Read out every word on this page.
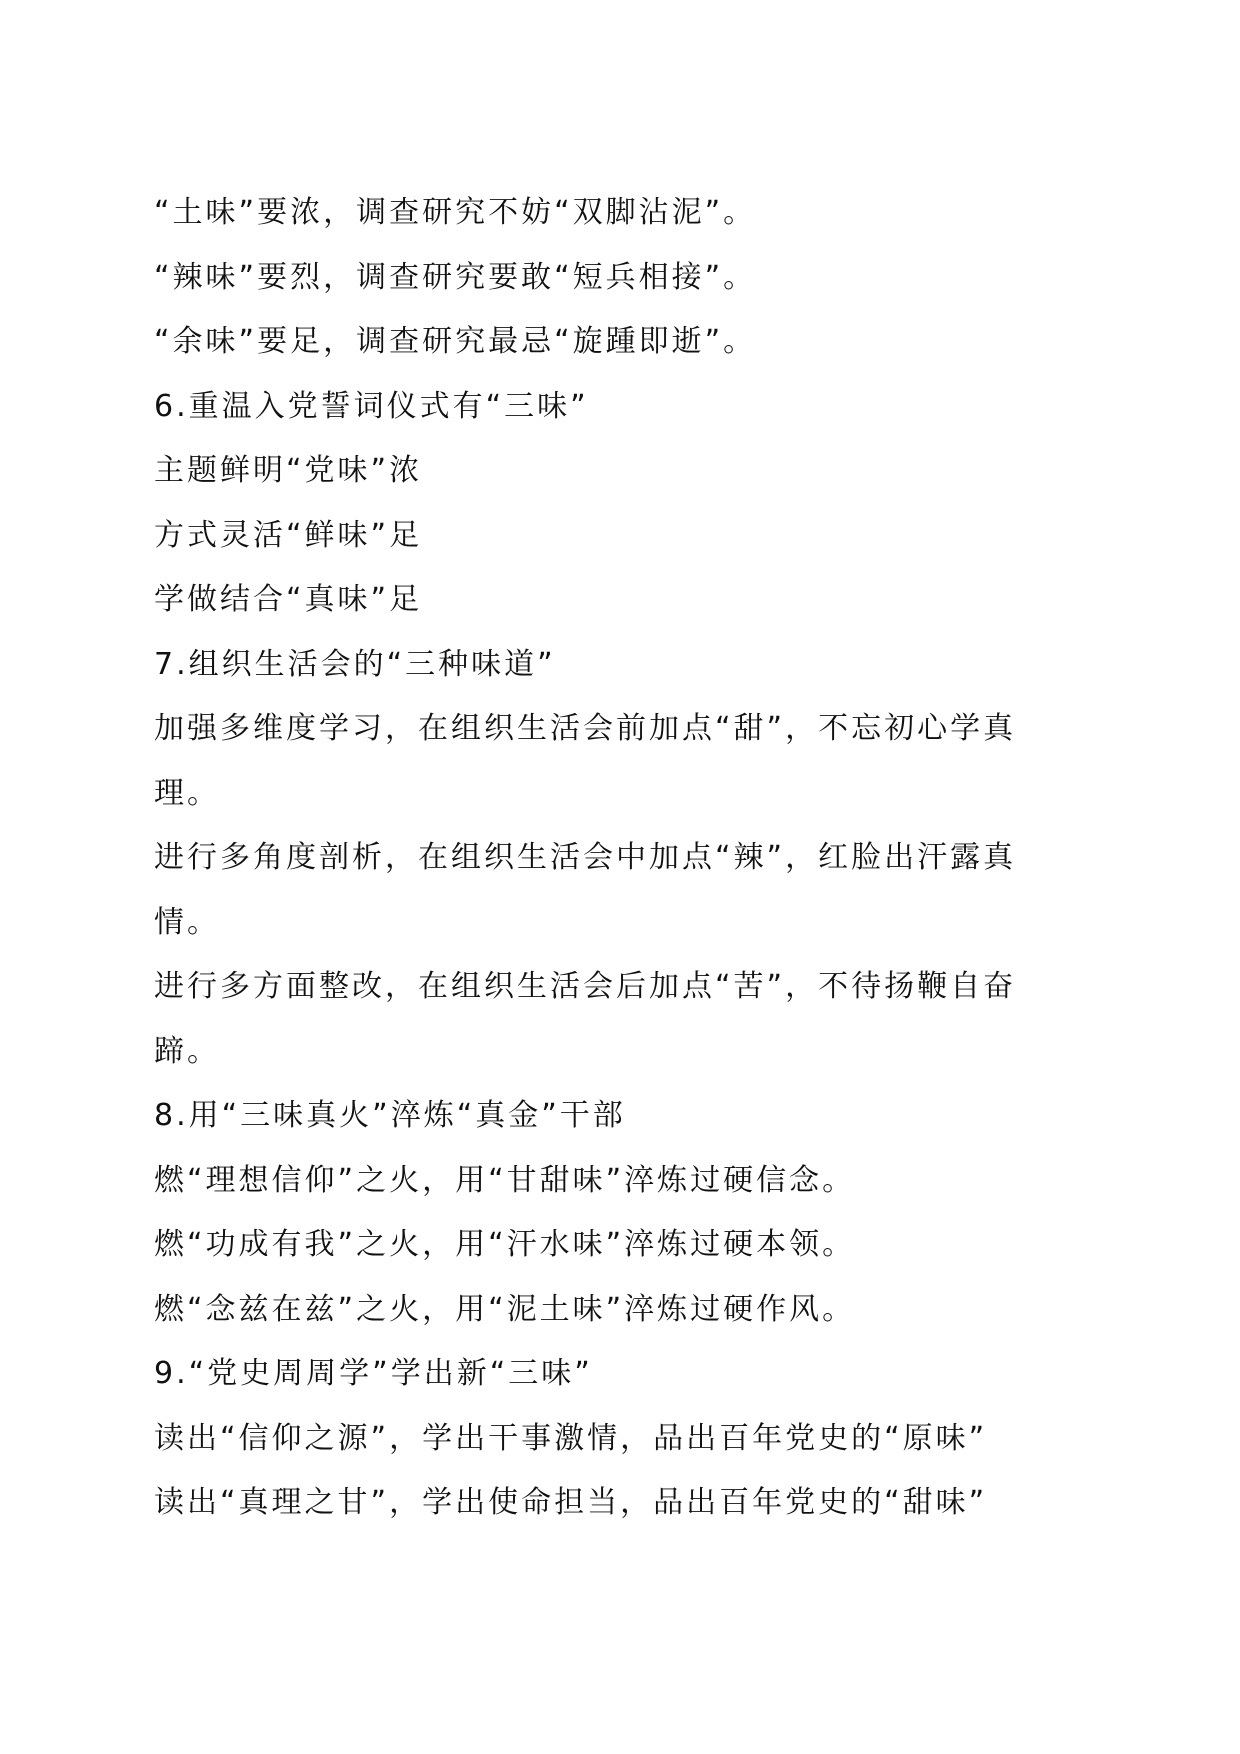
“土味”要浓，调查研究不妨“双脚沾泥”。
“辣味”要烈，调查研究要敢“短兵相接”。
“余味”要足，调查研究最忌“旋踵即逝”。
6.重温入党誓词仪式有“三味”
主题鲜明“党味”浓
方式灵活“鲜味”足
学做结合“真味”足
7.组织生活会的“三种味道”
加强多维度学习，在组织生活会前加点“甜”，不忘初心学真
理。
进行多角度剖析，在组织生活会中加点“辣”，红脸出汗露真
情。
进行多方面整改，在组织生活会后加点“苦”，不待扬鞭自奋
蹄。
8.用“三味真火”淬炼“真金”干部
燃“理想信仰”之火，用“甘甜味”淬炼过硬信念。
燃“功成有我”之火，用“汗水味”淬炼过硬本领。
燃“念兹在兹”之火，用“泥土味”淬炼过硬作风。
9.“党史周周学”学出新“三味”
读出“信仰之源”，学出干事激情，品出百年党史的“原味”
读出“真理之甘”，学出使命担当，品出百年党史的“甜味”
